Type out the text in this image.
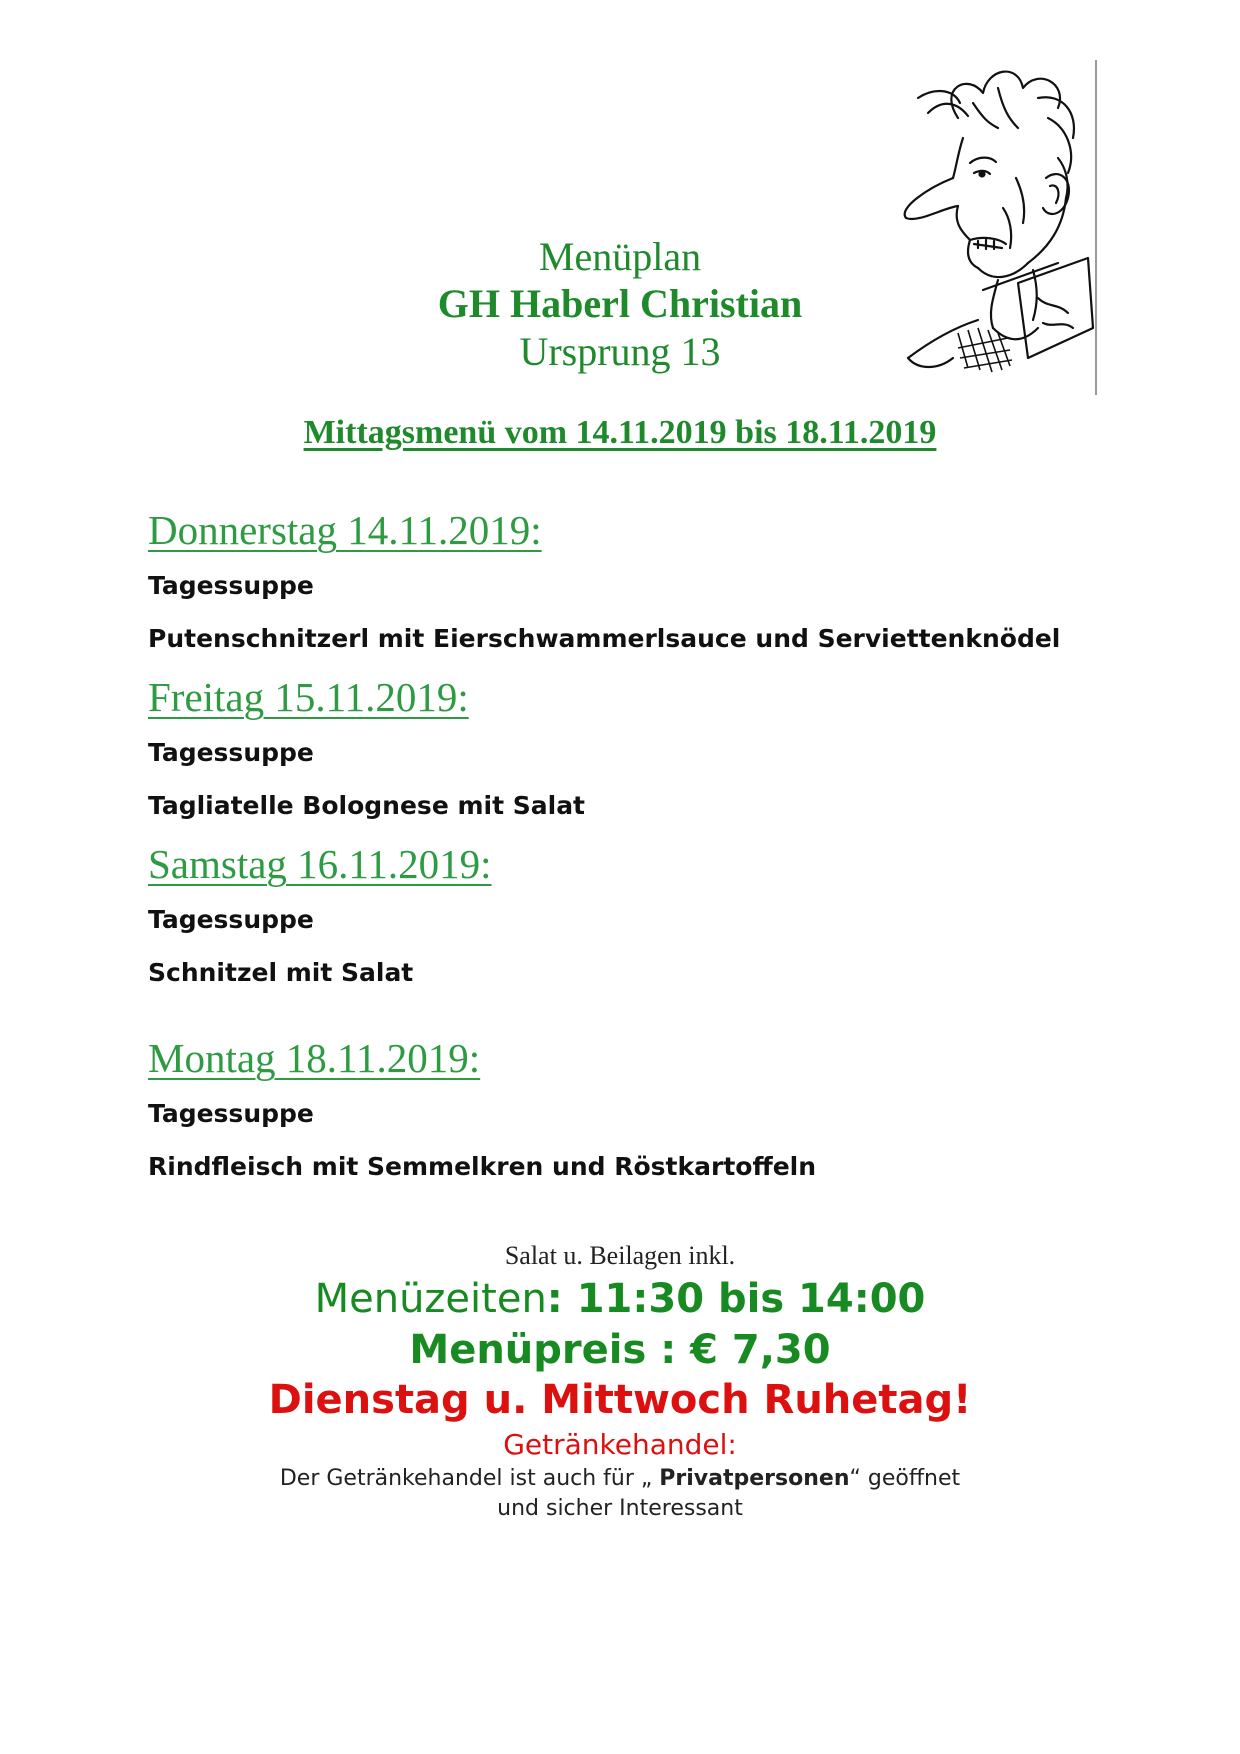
Menüplan
GH Haberl Christian
Ursprung 13
Mittagsmenü vom 14.11.2019 bis 18.11.2019
Donnerstag 14.11.2019:
Tagessuppe
Putenschnitzerl mit Eierschwammerlsauce und Serviettenknödel
Freitag 15.11.2019:
Tagessuppe
Tagliatelle Bolognese mit Salat
Samstag 16.11.2019:
Tagessuppe
Schnitzel mit Salat
Montag 18.11.2019:
Tagessuppe
Rindfleisch mit Semmelkren und Röstkartoffeln
Salat u. Beilagen inkl.
Menüzeiten: 11:30 bis 14:00
Menüpreis : € 7,30
Dienstag u. Mittwoch Ruhetag!
Getränkehandel:
Der Getränkehandel ist auch für „ Privatpersonen“ geöffnet
und sicher Interessant
